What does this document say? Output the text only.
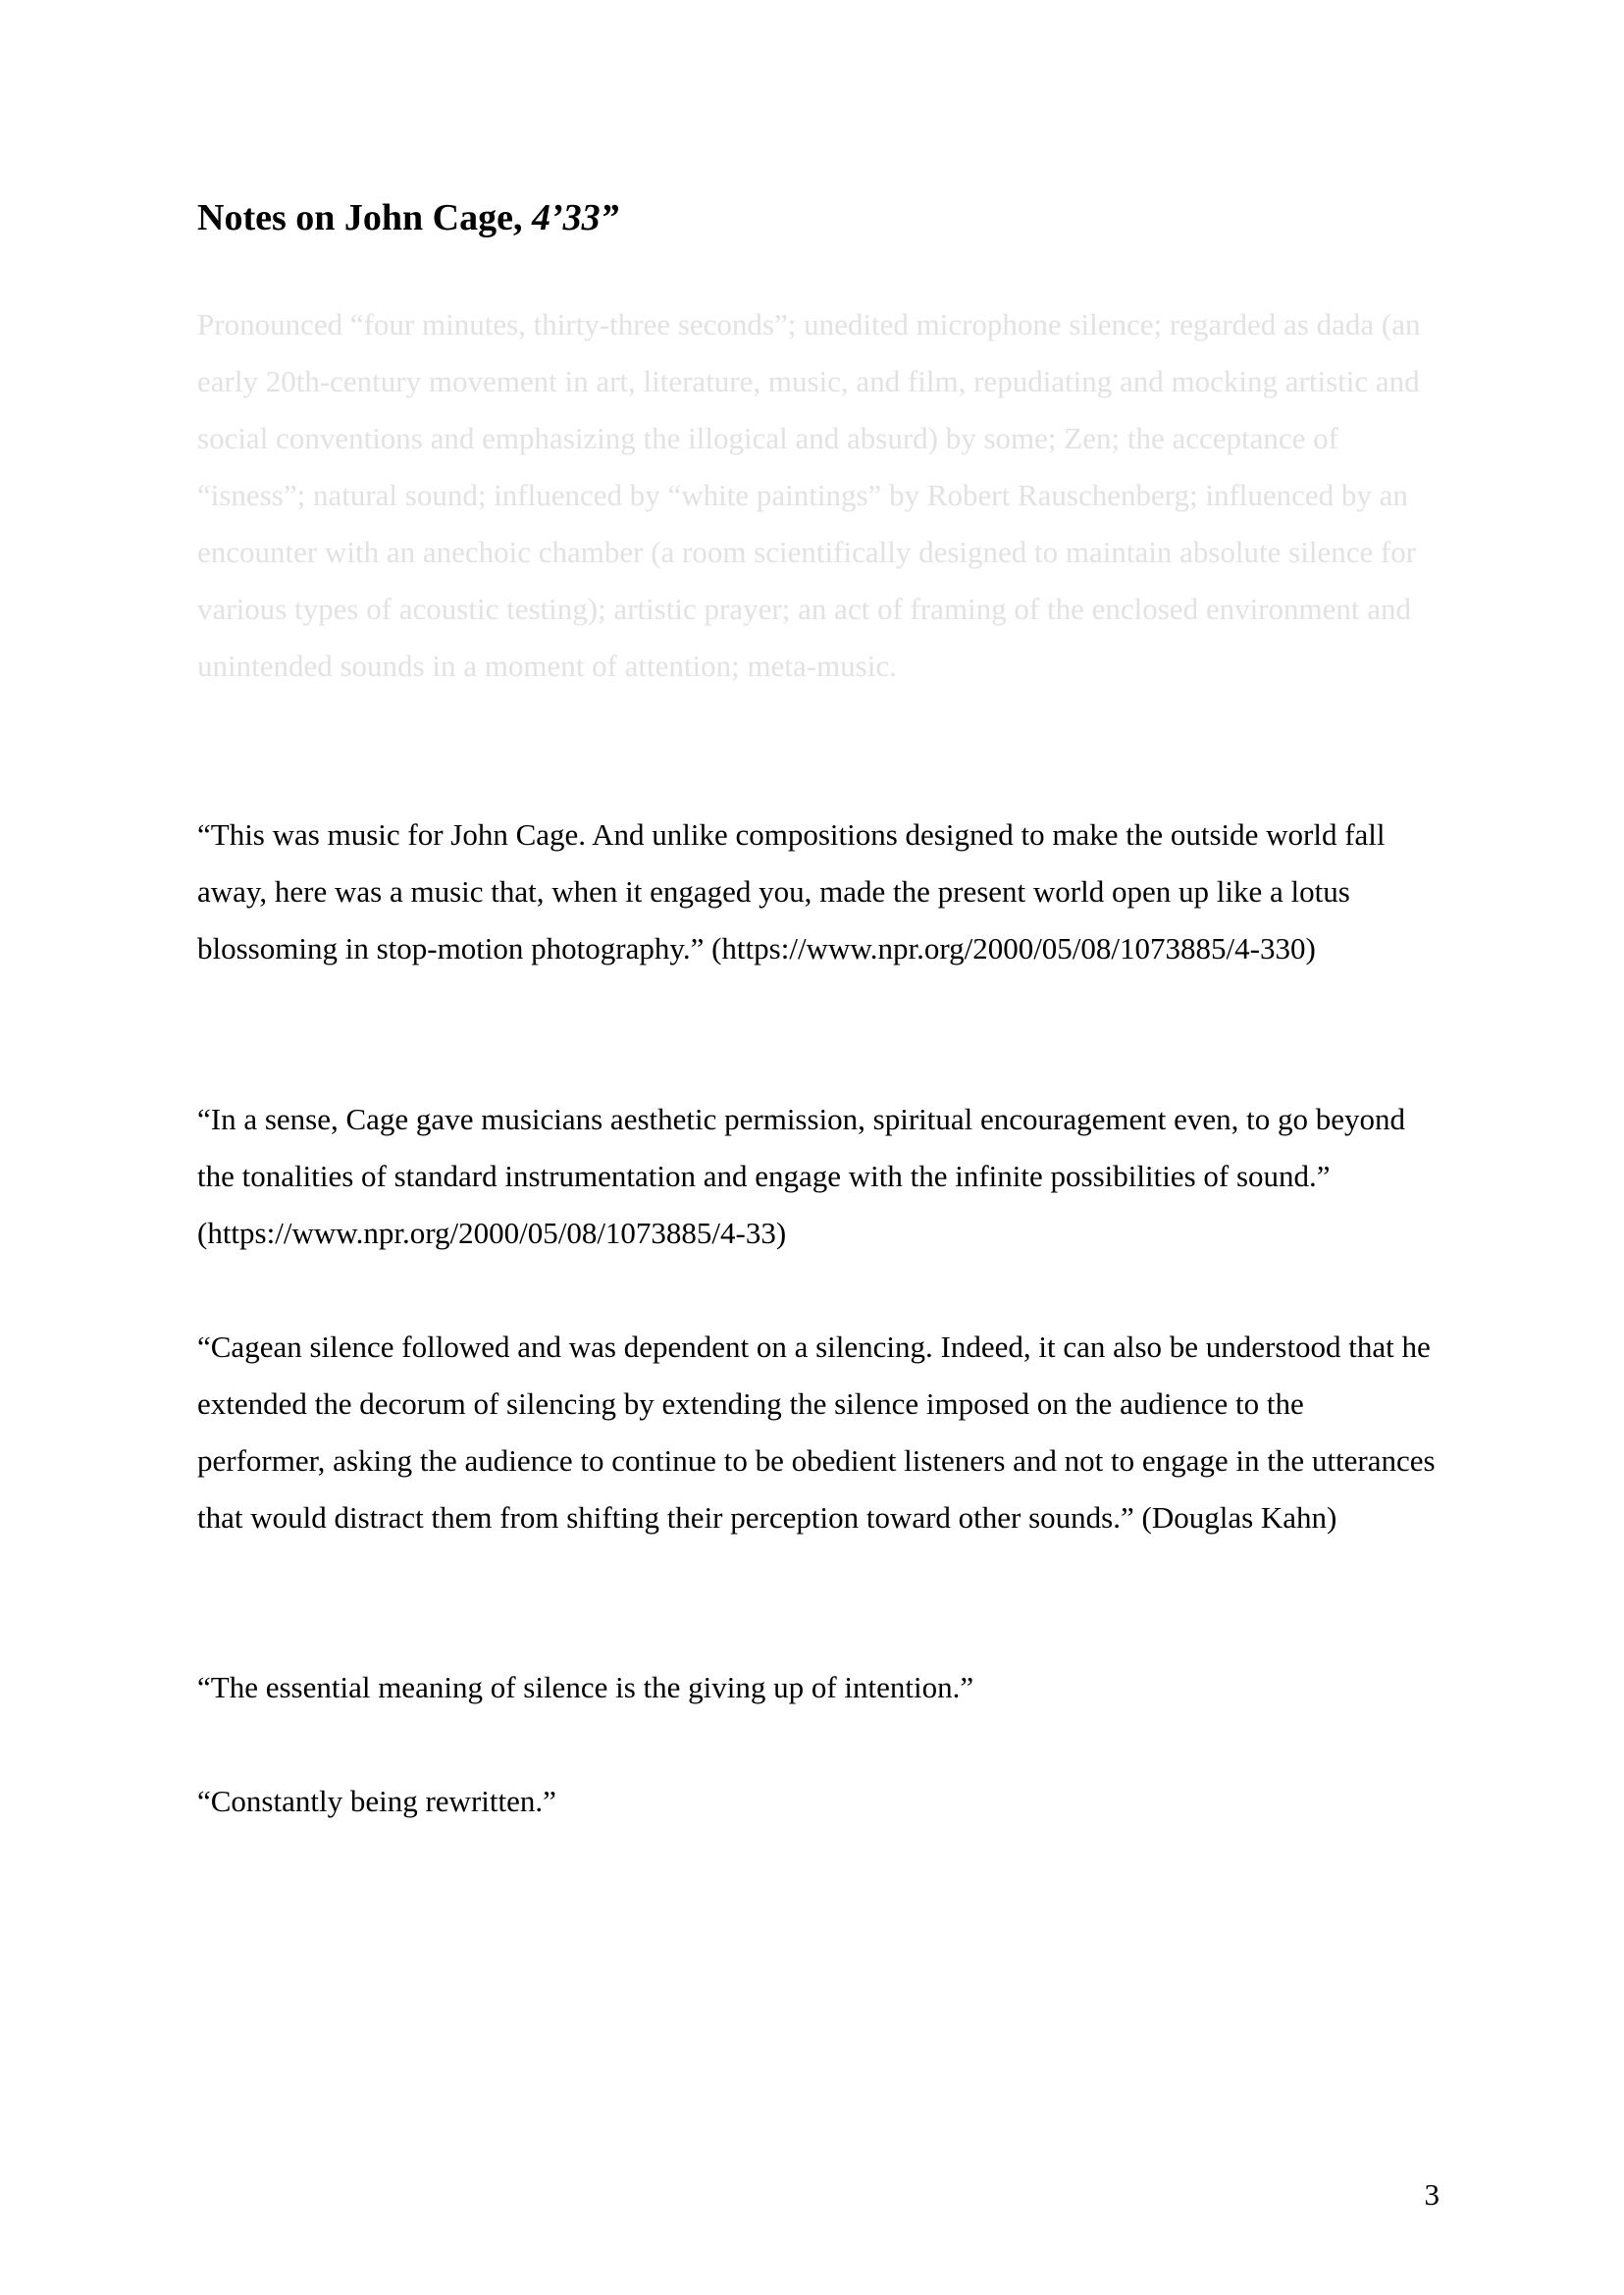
Notes on John Cage, 4’33”

Pronounced “four minutes, thirty-three seconds”; unedited microphone silence; regarded as dada (an early 20th-century movement in art, literature, music, and film, repudiating and mocking artistic and social conventions and emphasizing the illogical and absurd) by some; Zen; the acceptance of “isness”; natural sound; influenced by “white paintings” by Robert Rauschenberg; influenced by an encounter with an anechoic chamber (a room scientifically designed to maintain absolute silence for various types of acoustic testing); artistic prayer; an act of framing of the enclosed environment and unintended sounds in a moment of attention; meta-music.

“This was music for John Cage. And unlike compositions designed to make the outside world fall away, here was a music that, when it engaged you, made the present world open up like a lotus blossoming in stop-motion photography.” (https://www.npr.org/2000/05/08/1073885/4-330)

“In a sense, Cage gave musicians aesthetic permission, spiritual encouragement even, to go beyond the tonalities of standard instrumentation and engage with the infinite possibilities of sound.” (https://www.npr.org/2000/05/08/1073885/4-33)

“Cagean silence followed and was dependent on a silencing. Indeed, it can also be understood that he extended the decorum of silencing by extending the silence imposed on the audience to the performer, asking the audience to continue to be obedient listeners and not to engage in the utterances that would distract them from shifting their perception toward other sounds.” (Douglas Kahn)

“The essential meaning of silence is the giving up of intention.”

“Constantly being rewritten.”

3
